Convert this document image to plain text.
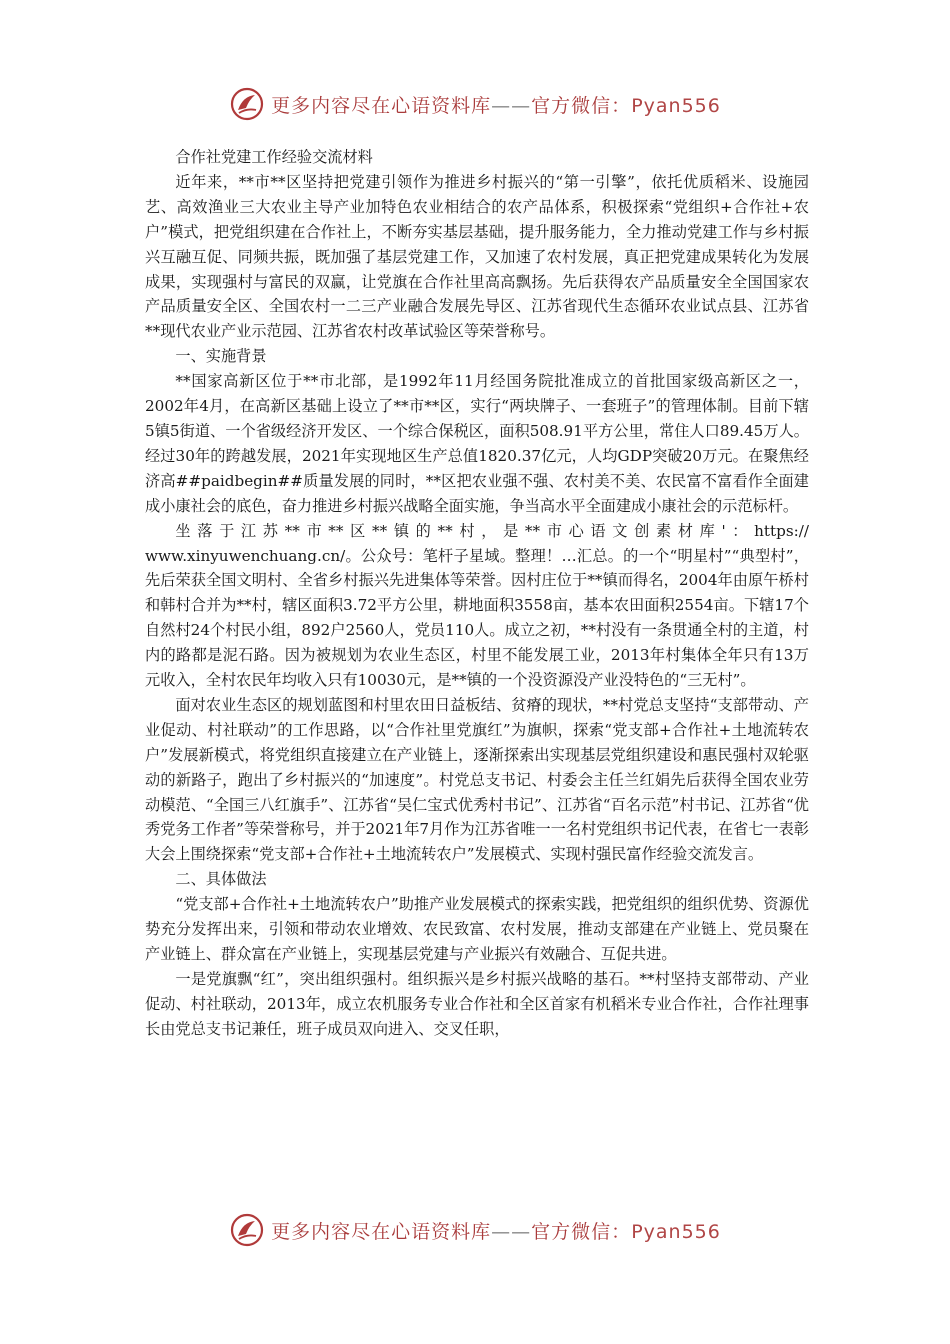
更多内容尽在心语资料库——官方微信：Pyan556

合作社党建工作经验交流材料

近年来，**市**区坚持把党建引领作为推进乡村振兴的“第一引擎”，依托优质稻米、设施园艺、高效渔业三大农业主导产业加特色农业相结合的农产品体系，积极探索“党组织+合作社+农户”模式，把党组织建在合作社上，不断夯实基层基础，提升服务能力，全力推动党建工作与乡村振兴互融互促、同频共振，既加强了基层党建工作，又加速了农村发展，真正把党建成果转化为发展成果，实现强村与富民的双赢，让党旗在合作社里高高飘扬。先后获得农产品质量安全全国国家农产品质量安全区、全国农村一二三产业融合发展先导区、江苏省现代生态循环农业试点县、江苏省**现代农业产业示范园、江苏省农村改革试验区等荣誉称号。

一、实施背景

**国家高新区位于**市北部，是1992年11月经国务院批准成立的首批国家级高新区之一，2002年4月，在高新区基础上设立了**市**区，实行“两块牌子、一套班子”的管理体制。目前下辖5镇5街道、一个省级经济开发区、一个综合保税区，面积508.91平方公里，常住人口89.45万人。经过30年的跨越发展，2021年实现地区生产总值1820.37亿元，人均GDP突破20万元。在聚焦经济高##paidbegin##质量发展的同时，**区把农业强不强、农村美不美、农民富不富看作全面建成小康社会的底色，奋力推进乡村振兴战略全面实施，争当高水平全面建成小康社会的示范标杆。

坐落于江苏**市**区**镇的**村，是**市心语文创素材库'：https://

www.xinyuwenchuang.cn/。公众号：笔杆子星域。整理！…汇总。的一个“明星村”“典型村”，先后荣获全国文明村、全省乡村振兴先进集体等荣誉。因村庄位于**镇而得名，2004年由原午桥村和韩村合并为**村，辖区面积3.72平方公里，耕地面积3558亩，基本农田面积2554亩。下辖17个自然村24个村民小组，892户2560人，党员110人。成立之初，**村没有一条贯通全村的主道，村内的路都是泥石路。因为被规划为农业生态区，村里不能发展工业，2013年村集体全年只有13万元收入，全村农民年均收入只有10030元，是**镇的一个没资源没产业没特色的“三无村”。

面对农业生态区的规划蓝图和村里农田日益板结、贫瘠的现状，**村党总支坚持“支部带动、产业促动、村社联动”的工作思路，以“合作社里党旗红”为旗帜，探索“党支部+合作社+土地流转农户”发展新模式，将党组织直接建立在产业链上，逐渐探索出实现基层党组织建设和惠民强村双轮驱动的新路子，跑出了乡村振兴的“加速度”。村党总支书记、村委会主任兰红娟先后获得全国农业劳动模范、“全国三八红旗手”、江苏省“吴仁宝式优秀村书记”、江苏省“百名示范”村书记、江苏省“优秀党务工作者”等荣誉称号，并于2021年7月作为江苏省唯一一名村党组织书记代表，在省七一表彰大会上围绕探索“党支部+合作社+土地流转农户”发展模式、实现村强民富作经验交流发言。

二、具体做法

“党支部+合作社+土地流转农户”助推产业发展模式的探索实践，把党组织的组织优势、资源优势充分发挥出来，引领和带动农业增效、农民致富、农村发展，推动支部建在产业链上、党员聚在产业链上、群众富在产业链上，实现基层党建与产业振兴有效融合、互促共进。

一是党旗飘“红”，突出组织强村。组织振兴是乡村振兴战略的基石。**村坚持支部带动、产业促动、村社联动，2013年，成立农机服务专业合作社和全区首家有机稻米专业合作社，合作社理事长由党总支书记兼任，班子成员双向进入、交叉任职，

更多内容尽在心语资料库——官方微信：Pyan556
